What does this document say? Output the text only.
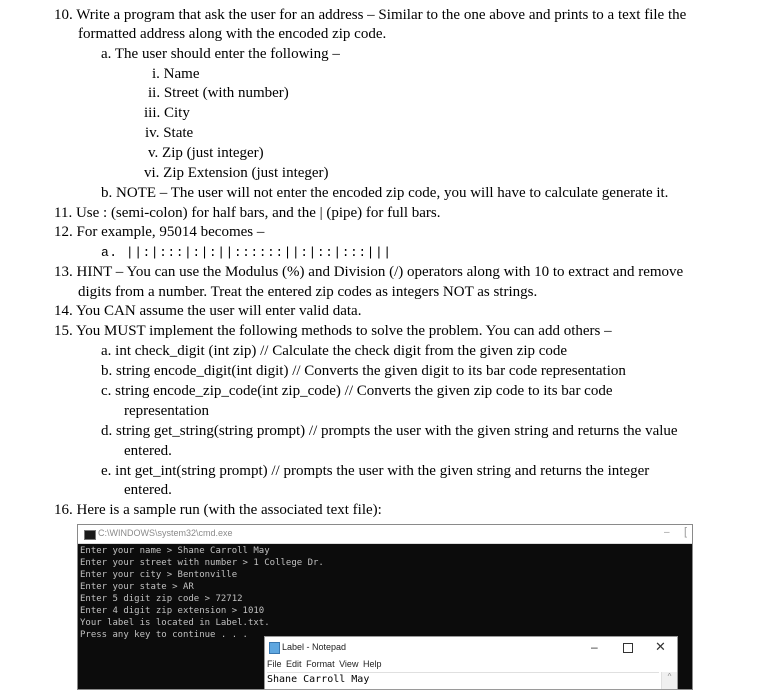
10. Write a program that ask the user for an address – Similar to the one above and prints to a text file the
formatted address along with the encoded zip code.
a. The user should enter the following –
i. Name
ii. Street (with number)
iii. City
iv. State
v. Zip (just integer)
vi. Zip Extension (just integer)
b. NOTE – The user will not enter the encoded zip code, you will have to calculate generate it.
11. Use : (semi-colon) for half bars, and the | (pipe) for full bars.
12. For example, 95014 becomes –
a. ||:|:::|:|:||::::::||:|::|:::|||
13. HINT – You can use the Modulus (%) and Division (/) operators along with 10 to extract and remove
digits from a number. Treat the entered zip codes as integers NOT as strings.
14. You CAN assume the user will enter valid data.
15. You MUST implement the following methods to solve the problem. You can add others –
a. int check_digit (int zip) // Calculate the check digit from the given zip code
b. string encode_digit(int digit) // Converts the given digit to its bar code representation
c. string encode_zip_code(int zip_code) // Converts the given zip code to its bar code
representation
d. string get_string(string prompt) // prompts the user with the given string and returns the value
entered.
e. int get_int(string prompt) // prompts the user with the given string and returns the integer
entered.
16. Here is a sample run (with the associated text file):
C:\WINDOWS\system32\cmd.exe	– [
Enter your name > Shane Carroll May
Enter your street with number > 1 College Dr.
Enter your city > Bentonville
Enter your state > AR
Enter 5 digit zip code > 72712
Enter 4 digit zip extension > 1010
Your label is located in Label.txt.
Press any key to continue . . .
Label - Notepad	–	✕
File Edit Format View Help
Shane Carroll May	^
